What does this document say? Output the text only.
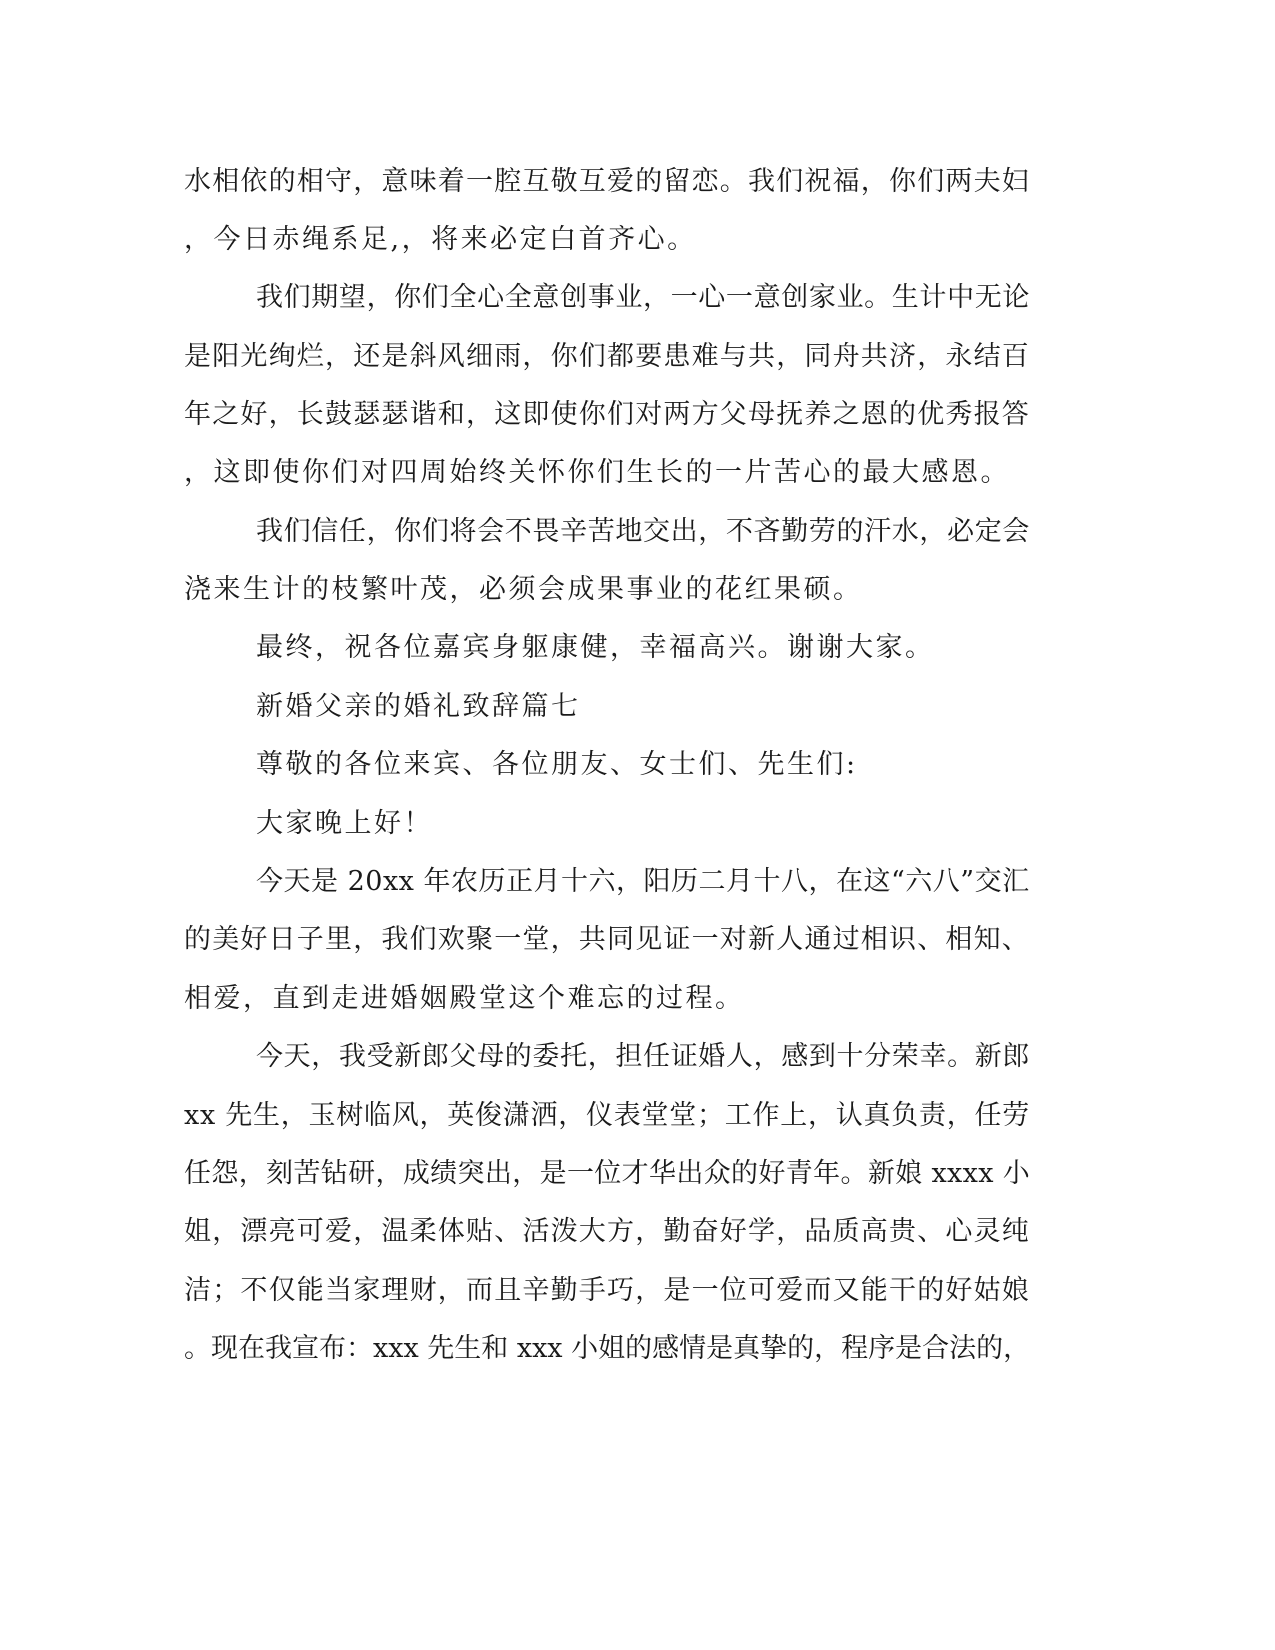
水相依的相守，意味着一腔互敬互爱的留恋。我们祝福，你们两夫妇
，今日赤绳系足,，将来必定白首齐心。
我们期望，你们全心全意创事业，一心一意创家业。生计中无论
是阳光绚烂，还是斜风细雨，你们都要患难与共，同舟共济，永结百
年之好，长鼓瑟瑟谐和，这即使你们对两方父母抚养之恩的优秀报答
，这即使你们对四周始终关怀你们生长的一片苦心的最大感恩。
我们信任，你们将会不畏辛苦地交出，不吝勤劳的汗水，必定会
浇来生计的枝繁叶茂，必须会成果事业的花红果硕。
最终，祝各位嘉宾身躯康健，幸福高兴。谢谢大家。
新婚父亲的婚礼致辞篇七
尊敬的各位来宾、各位朋友、女士们、先生们:
大家晚上好！
今天是 20xx 年农历正月十六，阳历二月十八，在这“六八”交汇
的美好日子里，我们欢聚一堂，共同见证一对新人通过相识、相知、
相爱，直到走进婚姻殿堂这个难忘的过程。
今天，我受新郎父母的委托，担任证婚人，感到十分荣幸。新郎
xx 先生，玉树临风，英俊潇洒，仪表堂堂；工作上，认真负责，任劳
任怨，刻苦钻研，成绩突出，是一位才华出众的好青年。新娘 xxxx 小
姐，漂亮可爱，温柔体贴、活泼大方，勤奋好学，品质高贵、心灵纯
洁；不仅能当家理财，而且辛勤手巧，是一位可爱而又能干的好姑娘
。现在我宣布：xxx 先生和 xxx 小姐的感情是真挚的，程序是合法的，
